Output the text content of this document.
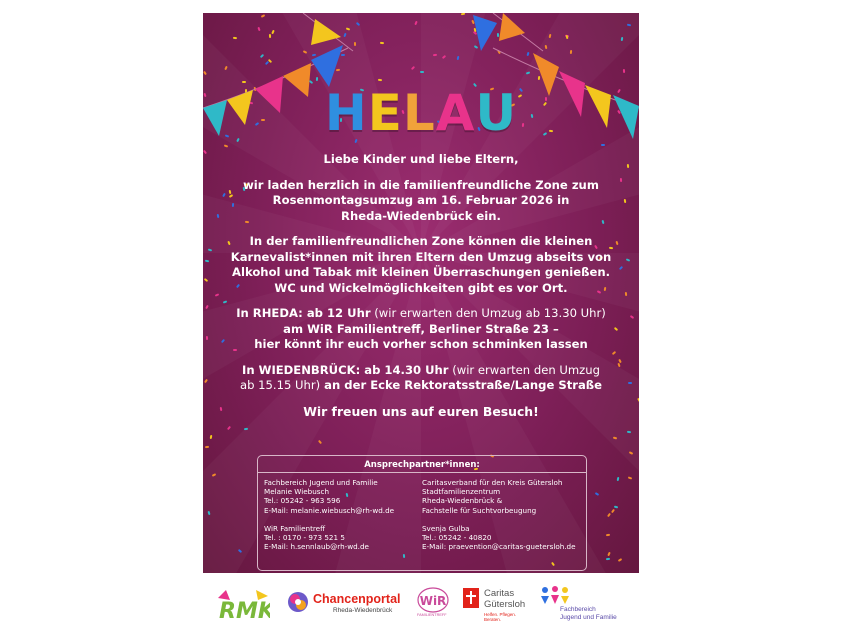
HELAU

Liebe Kinder und liebe Eltern,

wir laden herzlich in die familienfreundliche Zone zum

Rosenmontagsumzug am 16. Februar 2026 in

Rheda-Wiedenbrück ein.

In der familienfreundlichen Zone können die kleinen

Karnevalist*innen mit ihren Eltern den Umzug abseits von

Alkohol und Tabak mit kleinen Überraschungen genießen.

WC und Wickelmöglichkeiten gibt es vor Ort.

In RHEDA: ab 12 Uhr (wir erwarten den Umzug ab 13.30 Uhr)

am WiR Familientreff, Berliner Straße 23 –

hier könnt ihr euch vorher schon schminken lassen

In WIEDENBRÜCK: ab 14.30 Uhr (wir erwarten den Umzug

ab 15.15 Uhr) an der Ecke Rektoratsstraße/Lange Straße

Wir freuen uns auf euren Besuch!

Ansprechpartner*innen:
Fachbereich Jugend und Familie
Melanie Wiebusch
Tel.: 05242 - 963 596
E-Mail: melanie.wiebusch@rh-wd.de
WiR Familientreff
Tel. : 0170 - 973 521 5
E-Mail: h.sennlaub@rh-wd.de
Caritasverband für den Kreis Gütersloh
Stadtfamilienzentrum
Rheda-Wiedenbrück &
Fachstelle für Suchtvorbeugung
Svenja Gulba
Tel.: 05242 - 40820
E-Mail: praevention@caritas-guetersloh.de
RMK	Chancenportal
Rheda-Wiedenbrück
WiR
FAMILIENTREFF
Caritas
Gütersloh
Helfen. Pflegen. Beraten.
Fachbereich
Jugend und Familie
